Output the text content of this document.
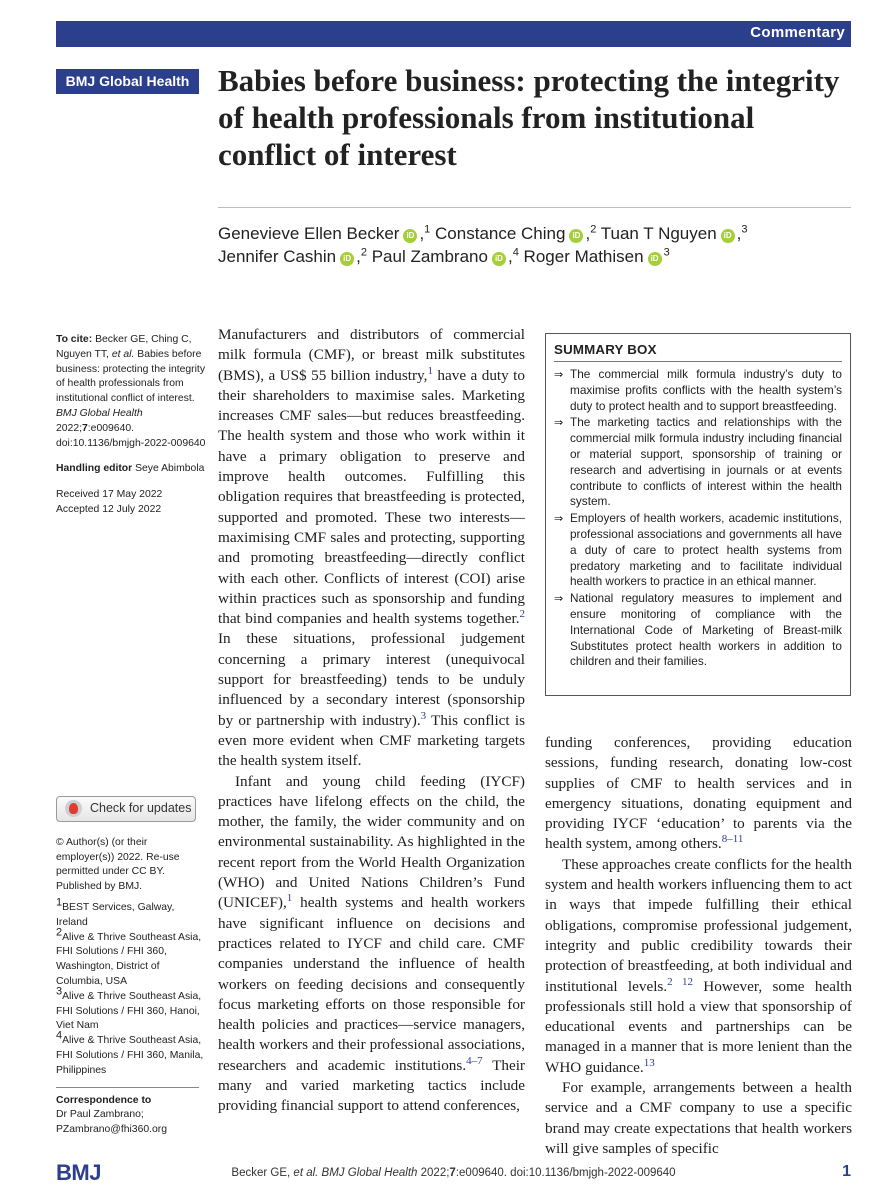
Commentary
BMJ Global Health Babies before business: protecting the integrity of health professionals from institutional conflict of interest
Genevieve Ellen Becker iD ,$^1$ Constance Ching iD ,$^2$ Tuan T Nguyen iD ,$^3$
Jennifer Cashin iD ,$^2$ Paul Zambrano iD ,$^4$ Roger Mathisen $iD^3$

To cite: Becker GE, Ching C, Nguyen TT, et al. Babies before business: protecting the integrity of health professionals from institutional conflict of interest. BMJ Global Health 2022;7:e009640. doi:10.1136/bmjgh-2022-009640

Handling editor Seye Abimbola

Received 17 May 2022

Accepted 12 July 2022

Check for updates

© Author(s) (or their employer(s)) 2022. Re-use permitted under CC BY. Published by BMJ.

$^1$BEST Services, Galway, Ireland

$^2$Alive & Thrive Southeast Asia, FHI Solutions / FHI 360, Washington, District of Columbia, USA

$^3$Alive & Thrive Southeast Asia, FHI Solutions / FHI 360, Hanoi, Viet Nam

$^4$Alive & Thrive Southeast Asia, FHI Solutions / FHI 360, Manila, Philippines

Correspondence to

Dr Paul Zambrano;

PZambrano@fhi360.org

Manufacturers and distributors of commercial milk formula (CMF), or breast milk substitutes (BMS), a US$ 55 billion industry,$^1$ have a duty to their shareholders to maximise sales. Marketing increases CMF sales—but reduces breastfeeding. The health system and those who work within it have a primary obligation to preserve and improve health outcomes. Fulfilling this obligation requires that breastfeeding is protected, supported and promoted. These two interests—maximising CMF sales and protecting, supporting and promoting breastfeeding—directly conflict with each other. Conflicts of interest (COI) arise within practices such as sponsorship and funding that bind companies and health systems together.$^2$ In these situations, professional judgement concerning a primary interest (unequivocal support for breastfeeding) tends to be unduly influenced by a secondary interest (sponsorship by or partnership with industry).$^3$ This conflict is even more evident when CMF marketing targets the health system itself.

Infant and young child feeding (IYCF) practices have lifelong effects on the child, the mother, the family, the wider community and on environmental sustainability. As highlighted in the recent report from the World Health Organization (WHO) and United Nations Children’s Fund (UNICEF),$^1$ health systems and health workers have significant influence on decisions and practices related to IYCF and child care. CMF companies understand the influence of health workers on feeding decisions and consequently focus marketing efforts on those responsible for health policies and practices—service managers, health workers and their professional associations, researchers and academic institutions.$^{4-7}$ Their many and varied marketing tactics include providing financial support to attend conferences,

SUMMARY BOX
⇒ The commercial milk formula industry’s duty to maximise profits conflicts with the health system’s duty to protect health and to support breastfeeding.
⇒ The marketing tactics and relationships with the commercial milk formula industry including financial or material support, sponsorship of training or research and advertising in journals or at events contribute to conflicts of interest within the health system.
⇒ Employers of health workers, academic institutions, professional associations and governments all have a duty of care to protect health systems from predatory marketing and to facilitate individual health workers to practice in an ethical manner.
⇒ National regulatory measures to implement and ensure monitoring of compliance with the International Code of Marketing of Breast-milk Substitutes protect health workers in addition to children and their families.

funding conferences, providing education sessions, funding research, donating low-cost supplies of CMF to health services and in emergency situations, donating equipment and providing IYCF ‘education’ to parents via the health system, among others.$^{8-11}$

These approaches create conflicts for the health system and health workers influencing them to act in ways that impede fulfilling their ethical obligations, compromise professional judgement, integrity and public credibility towards their protection of breastfeeding, at both individual and institutional levels.$^{2 12}$ However, some health professionals still hold a view that sponsorship of educational events and partnerships can be managed in a manner that is more lenient than the WHO guidance.$^{13}$

For example, arrangements between a health service and a CMF company to use a specific brand may create expectations that health workers will give samples of specific

BMJ	Becker GE, et al. BMJ Global Health 2022;7:e009640. doi:10.1136/bmjgh-2022-009640	1
